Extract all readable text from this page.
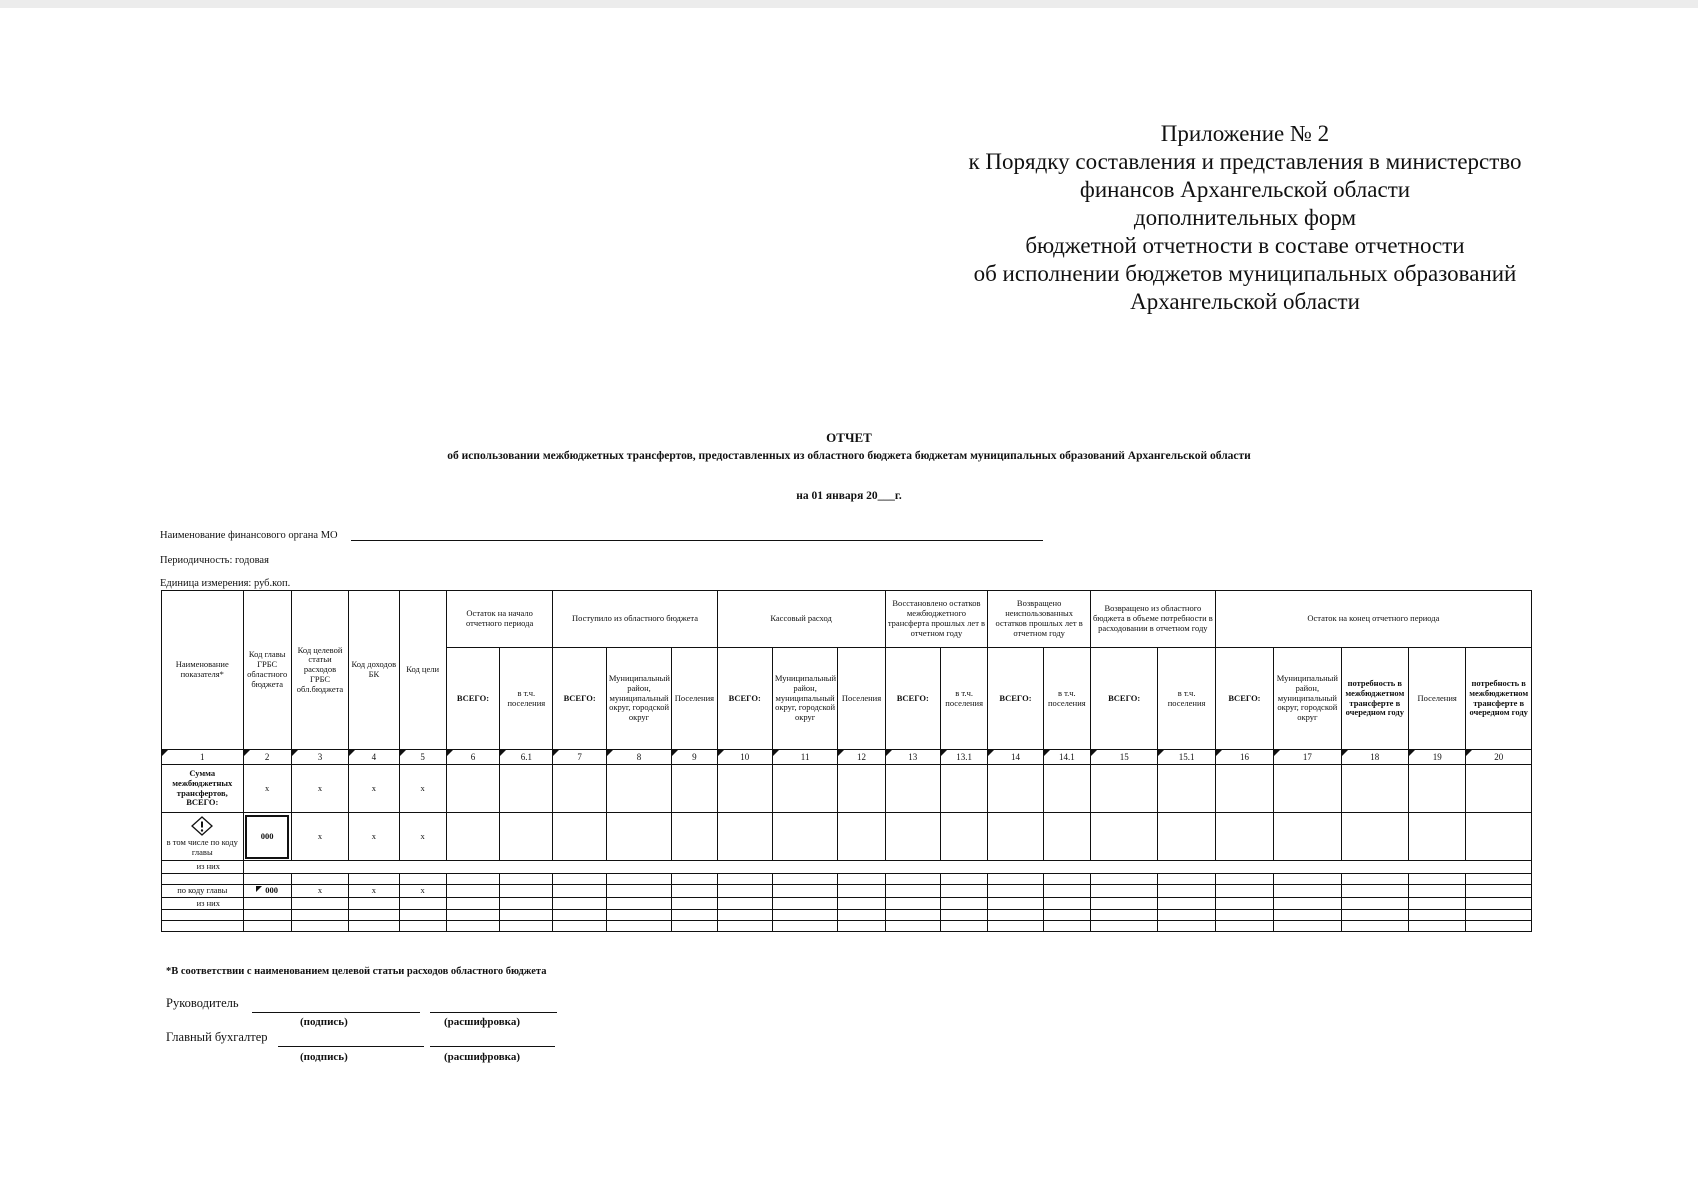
Приложение № 2
к Порядку составления и представления в министерство
финансов Архангельской области
дополнительных форм
бюджетной отчетности в составе отчетности
об исполнении бюджетов муниципальных образований
Архангельской области
ОТЧЕТ
об использовании межбюджетных трансфертов, предоставленных из областного бюджета бюджетам муниципальных образований Архангельской области
на 01 января 20___г.
Наименование финансового органа МО
Периодичность: годовая
Единица измерения: руб.коп.
Наименование показателя*	Код главы ГРБС областного бюджета	Код целевой статьи расходов ГРБС обл.бюджета	Код доходов БК	Код цели	Остаток на начало отчетного периода		Поступило из областного бюджета			Кассовый расход			Восстановлено остатков межбюджетного трансферта прошлых лет в отчетном году		Возвращено неиспользованных остатков прошлых лет в отчетном году		Возвращено из областного бюджета в объеме потребности в расходовании в отчетном году		Остаток на конец отчетного периода				
					ВСЕГО:	в т.ч. поселения	ВСЕГО:	Муниципальный район, муниципальный округ, городской округ	Поселения	ВСЕГО:	Муниципальный район, муниципальный округ, городской округ	Поселения	ВСЕГО:	в т.ч. поселения	ВСЕГО:	в т.ч. поселения	ВСЕГО:	в т.ч. поселения	ВСЕГО:	Муниципальный район, муниципальный округ, городской округ	потребность в межбюджетном трансферте в очередном году	Поселения	потребность в межбюджетном трансферте в очередном году

1	2	3	4	5	6	6.1	7	8	9	10	11	12	13	13.1	14	14.1	15	15.1	16	17	18	19	20
Сумма межбюджетных трансфертов, ВСЕГО:	x	x	x	x																			

в том числе по коду главы	000	x	x	x																			
из них																							

по коду главы	000	x	x	x																			
из них																							

*В соответствии с наименованием целевой статьи расходов областного бюджета
Руководитель
(подпись)	(расшифровка)
Главный бухгалтер
(подпись)	(расшифровка)
